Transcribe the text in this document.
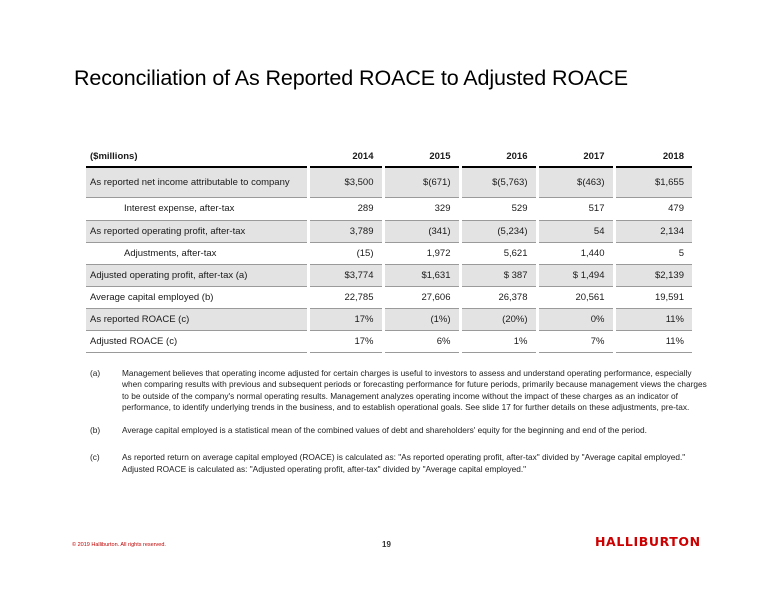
Reconciliation of As Reported ROACE to Adjusted ROACE
($millions)	2014	2015	2016	2017	2018
As reported net income attributable to company	$3,500	$(671)	$(5,763)	$(463)	$1,655
Interest expense, after-tax	289	329	529	517	479
As reported operating profit, after-tax	3,789	(341)	(5,234)	54	2,134
Adjustments, after-tax	(15)	1,972	5,621	1,440	5
Adjusted operating profit, after-tax (a)	$3,774	$1,631	$ 387	$ 1,494	$2,139
Average capital employed (b)	22,785	27,606	26,378	20,561	19,591
As reported ROACE (c)	17%	(1%)	(20%)	0%	11%
Adjusted ROACE (c)	17%	6%	1%	7%	11%
(a)	Management believes that operating income adjusted for certain charges is useful to investors to assess and understand operating performance, especially when comparing results with previous and subsequent periods or forecasting performance for future periods, primarily because management views the charges to be outside of the company's normal operating results. Management analyzes operating income without the impact of these charges as an indicator of performance, to identify underlying trends in the business, and to establish operational goals. See slide 17 for further details on these adjustments, pre-tax.
(b)	Average capital employed is a statistical mean of the combined values of debt and shareholders' equity for the beginning and end of the period.
(c)	As reported return on average capital employed (ROACE) is calculated as: "As reported operating profit, after-tax" divided by "Average capital employed." Adjusted ROACE is calculated as: "Adjusted operating profit, after-tax" divided by "Average capital employed."
© 2019 Halliburton. All rights reserved.	19	HALLIBURTON
